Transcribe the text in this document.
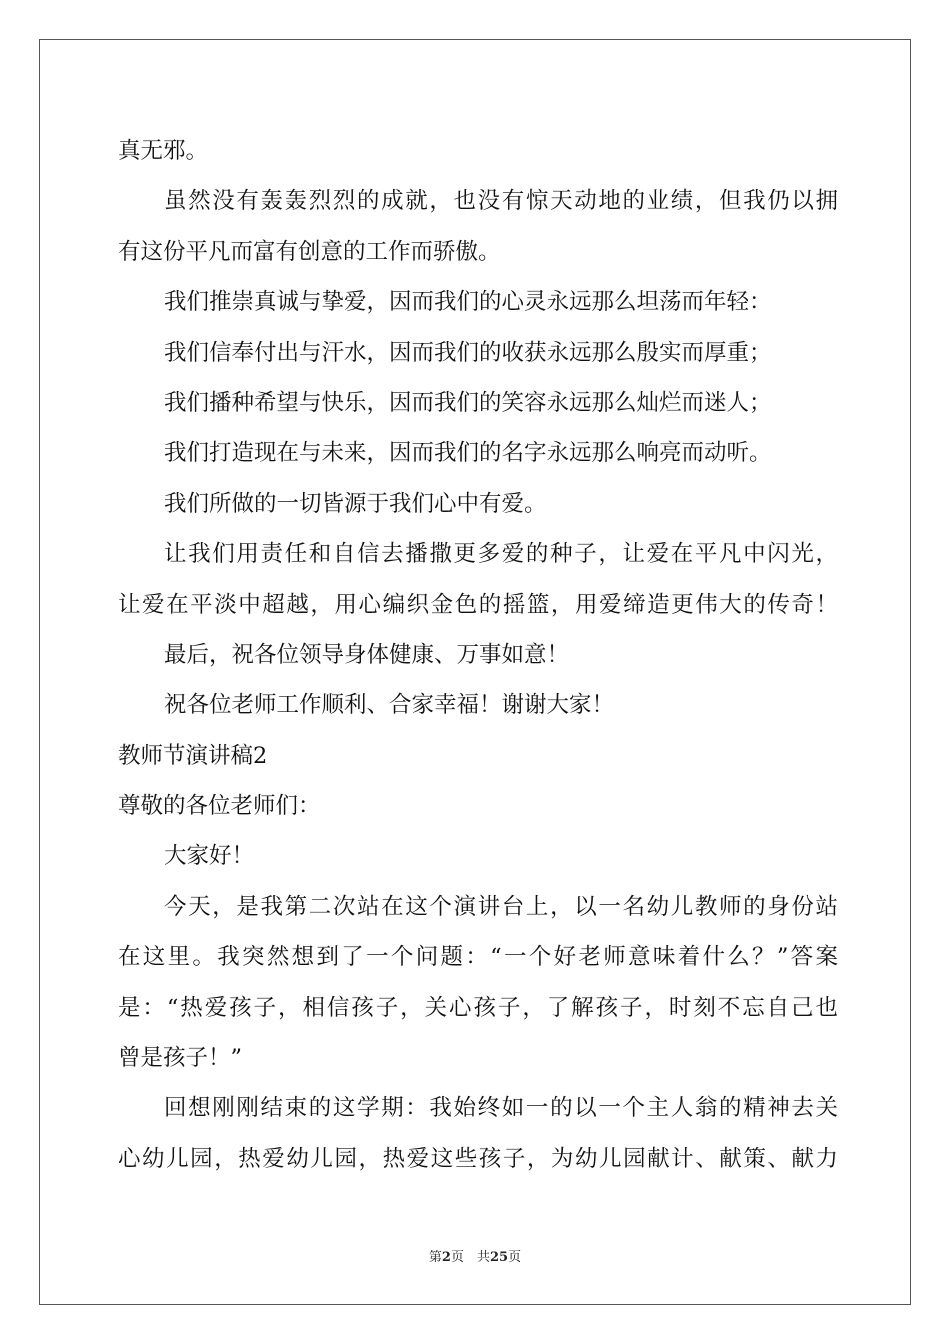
真无邪。
虽然没有轰轰烈烈的成就，也没有惊天动地的业绩，但我仍以拥
有这份平凡而富有创意的工作而骄傲。
我们推崇真诚与挚爱，因而我们的心灵永远那么坦荡而年轻：
我们信奉付出与汗水，因而我们的收获永远那么殷实而厚重；
我们播种希望与快乐，因而我们的笑容永远那么灿烂而迷人；
我们打造现在与未来，因而我们的名字永远那么响亮而动听。
我们所做的一切皆源于我们心中有爱。
让我们用责任和自信去播撒更多爱的种子，让爱在平凡中闪光，
让爱在平淡中超越，用心编织金色的摇篮，用爱缔造更伟大的传奇！
最后，祝各位领导身体健康、万事如意！
祝各位老师工作顺利、合家幸福！谢谢大家！
教师节演讲稿2
尊敬的各位老师们：
大家好！
今天，是我第二次站在这个演讲台上，以一名幼儿教师的身份站
在这里。我突然想到了一个问题：“一个好老师意味着什么？”答案
是：“热爱孩子，相信孩子，关心孩子，了解孩子，时刻不忘自己也
曾是孩子！”
回想刚刚结束的这学期：我始终如一的以一个主人翁的精神去关
心幼儿园，热爱幼儿园，热爱这些孩子，为幼儿园献计、献策、献力
第2页　共25页
